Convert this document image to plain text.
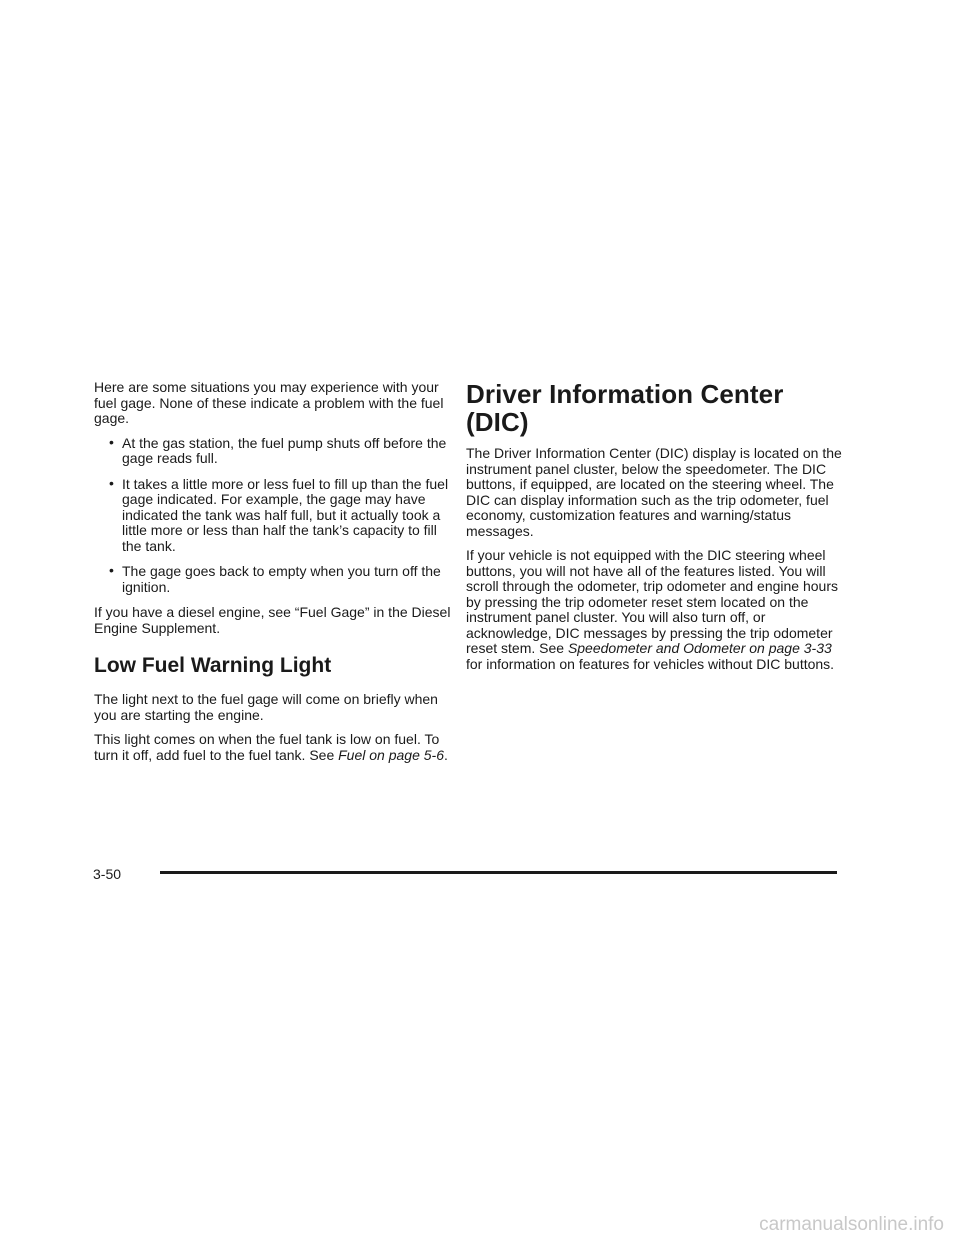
Here are some situations you may experience with your fuel gage. None of these indicate a problem with the fuel gage.

• At the gas station, the fuel pump shuts off before the gage reads full.
• It takes a little more or less fuel to fill up than the fuel gage indicated. For example, the gage may have indicated the tank was half full, but it actually took a little more or less than half the tank’s capacity to fill the tank.
• The gage goes back to empty when you turn off the ignition.

If you have a diesel engine, see “Fuel Gage” in the Diesel Engine Supplement.

Low Fuel Warning Light

The light next to the fuel gage will come on briefly when you are starting the engine.

This light comes on when the fuel tank is low on fuel. To turn it off, add fuel to the fuel tank. See Fuel on page 5-6.

Driver Information Center (DIC)

The Driver Information Center (DIC) display is located on the instrument panel cluster, below the speedometer. The DIC buttons, if equipped, are located on the steering wheel. The DIC can display information such as the trip odometer, fuel economy, customization features and warning/status messages.

If your vehicle is not equipped with the DIC steering wheel buttons, you will not have all of the features listed. You will scroll through the odometer, trip odometer and engine hours by pressing the trip odometer reset stem located on the instrument panel cluster. You will also turn off, or acknowledge, DIC messages by pressing the trip odometer reset stem. See Speedometer and Odometer on page 3-33 for information on features for vehicles without DIC buttons.

3-50
carmanualsonline.info
